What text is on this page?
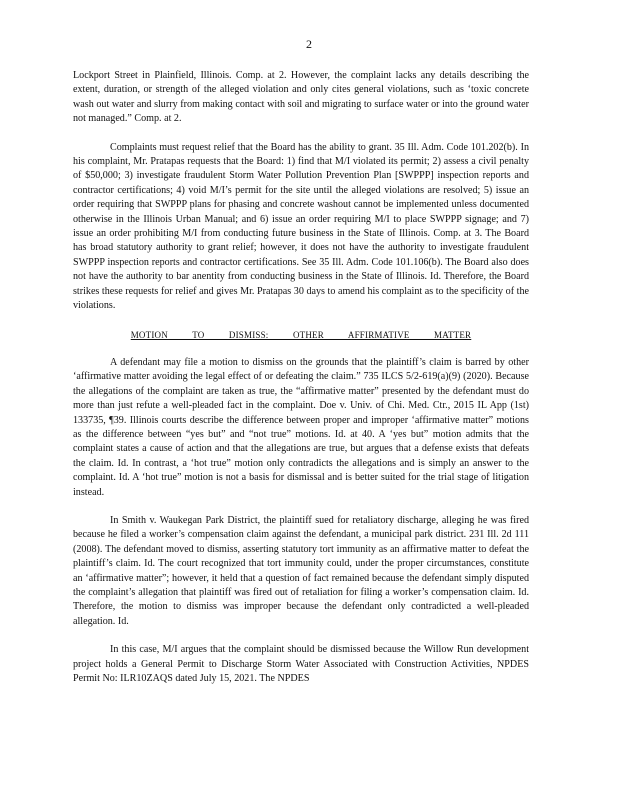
2

Lockport Street in Plainfield, Illinois. Comp. at 2. However, the complaint lacks any details describing the extent, duration, or strength of the alleged violation and only cites general violations, such as ‘toxic concrete wash out water and slurry from making contact with soil and migrating to surface water or into the ground water not managed.” Comp. at 2.

Complaints must request relief that the Board has the ability to grant. 35 Ill. Adm. Code 101.202(b). In his complaint, Mr. Pratapas requests that the Board: 1) find that M/I violated its permit; 2) assess a civil penalty of $50,000; 3) investigate fraudulent Storm Water Pollution Prevention Plan [SWPPP] inspection reports and contractor certifications; 4) void M/I’s permit for the site until the alleged violations are resolved; 5) issue an order requiring that SWPPP plans for phasing and concrete washout cannot be implemented unless documented otherwise in the Illinois Urban Manual; and 6) issue an order requiring M/I to place SWPPP signage; and 7) issue an order prohibiting M/I from conducting future business in the State of Illinois. Comp. at 3. The Board has broad statutory authority to grant relief; however, it does not have the authority to investigate fraudulent SWPPP inspection reports and contractor certifications. See 35 Ill. Adm. Code 101.106(b). The Board also does not have the authority to bar anentity from conducting business in the State of Illinois. Id. Therefore, the Board strikes these requests for relief and gives Mr. Pratapas 30 days to amend his complaint as to the specificity of the violations.

MOTION TO DISMISS: OTHER AFFIRMATIVE MATTER

A defendant may file a motion to dismiss on the grounds that the plaintiff’s claim is barred by other ‘affirmative matter avoiding the legal effect of or defeating the claim.” 735 ILCS 5/2-619(a)(9) (2020). Because the allegations of the complaint are taken as true, the “affirmative matter” presented by the defendant must do more than just refute a well-pleaded fact in the complaint. Doe v. Univ. of Chi. Med. Ctr., 2015 IL App (1st) 133735, ¶39. Illinois courts describe the difference between proper and improper ‘affirmative matter” motions as the difference between “yes but” and “not true” motions. Id. at 40. A ‘yes but” motion admits that the complaint states a cause of action and that the allegations are true, but argues that a defense exists that defeats the claim. Id. In contrast, a ‘hot true” motion only contradicts the allegations and is simply an answer to the complaint. Id. A ‘hot true” motion is not a basis for dismissal and is better suited for the trial stage of litigation instead.

In Smith v. Waukegan Park District, the plaintiff sued for retaliatory discharge, alleging he was fired because he filed a worker’s compensation claim against the defendant, a municipal park district. 231 Ill. 2d 111 (2008). The defendant moved to dismiss, asserting statutory tort immunity as an affirmative matter to defeat the plaintiff’s claim. Id. The court recognized that tort immunity could, under the proper circumstances, constitute an ‘affirmative matter”; however, it held that a question of fact remained because the defendant simply disputed the complaint’s allegation that plaintiff was fired out of retaliation for filing a worker’s compensation claim. Id. Therefore, the motion to dismiss was improper because the defendant only contradicted a well-pleaded allegation. Id.

In this case, M/I argues that the complaint should be dismissed because the Willow Run development project holds a General Permit to Discharge Storm Water Associated with Construction Activities, NPDES Permit No: ILR10ZAQS dated July 15, 2021. The NPDES
